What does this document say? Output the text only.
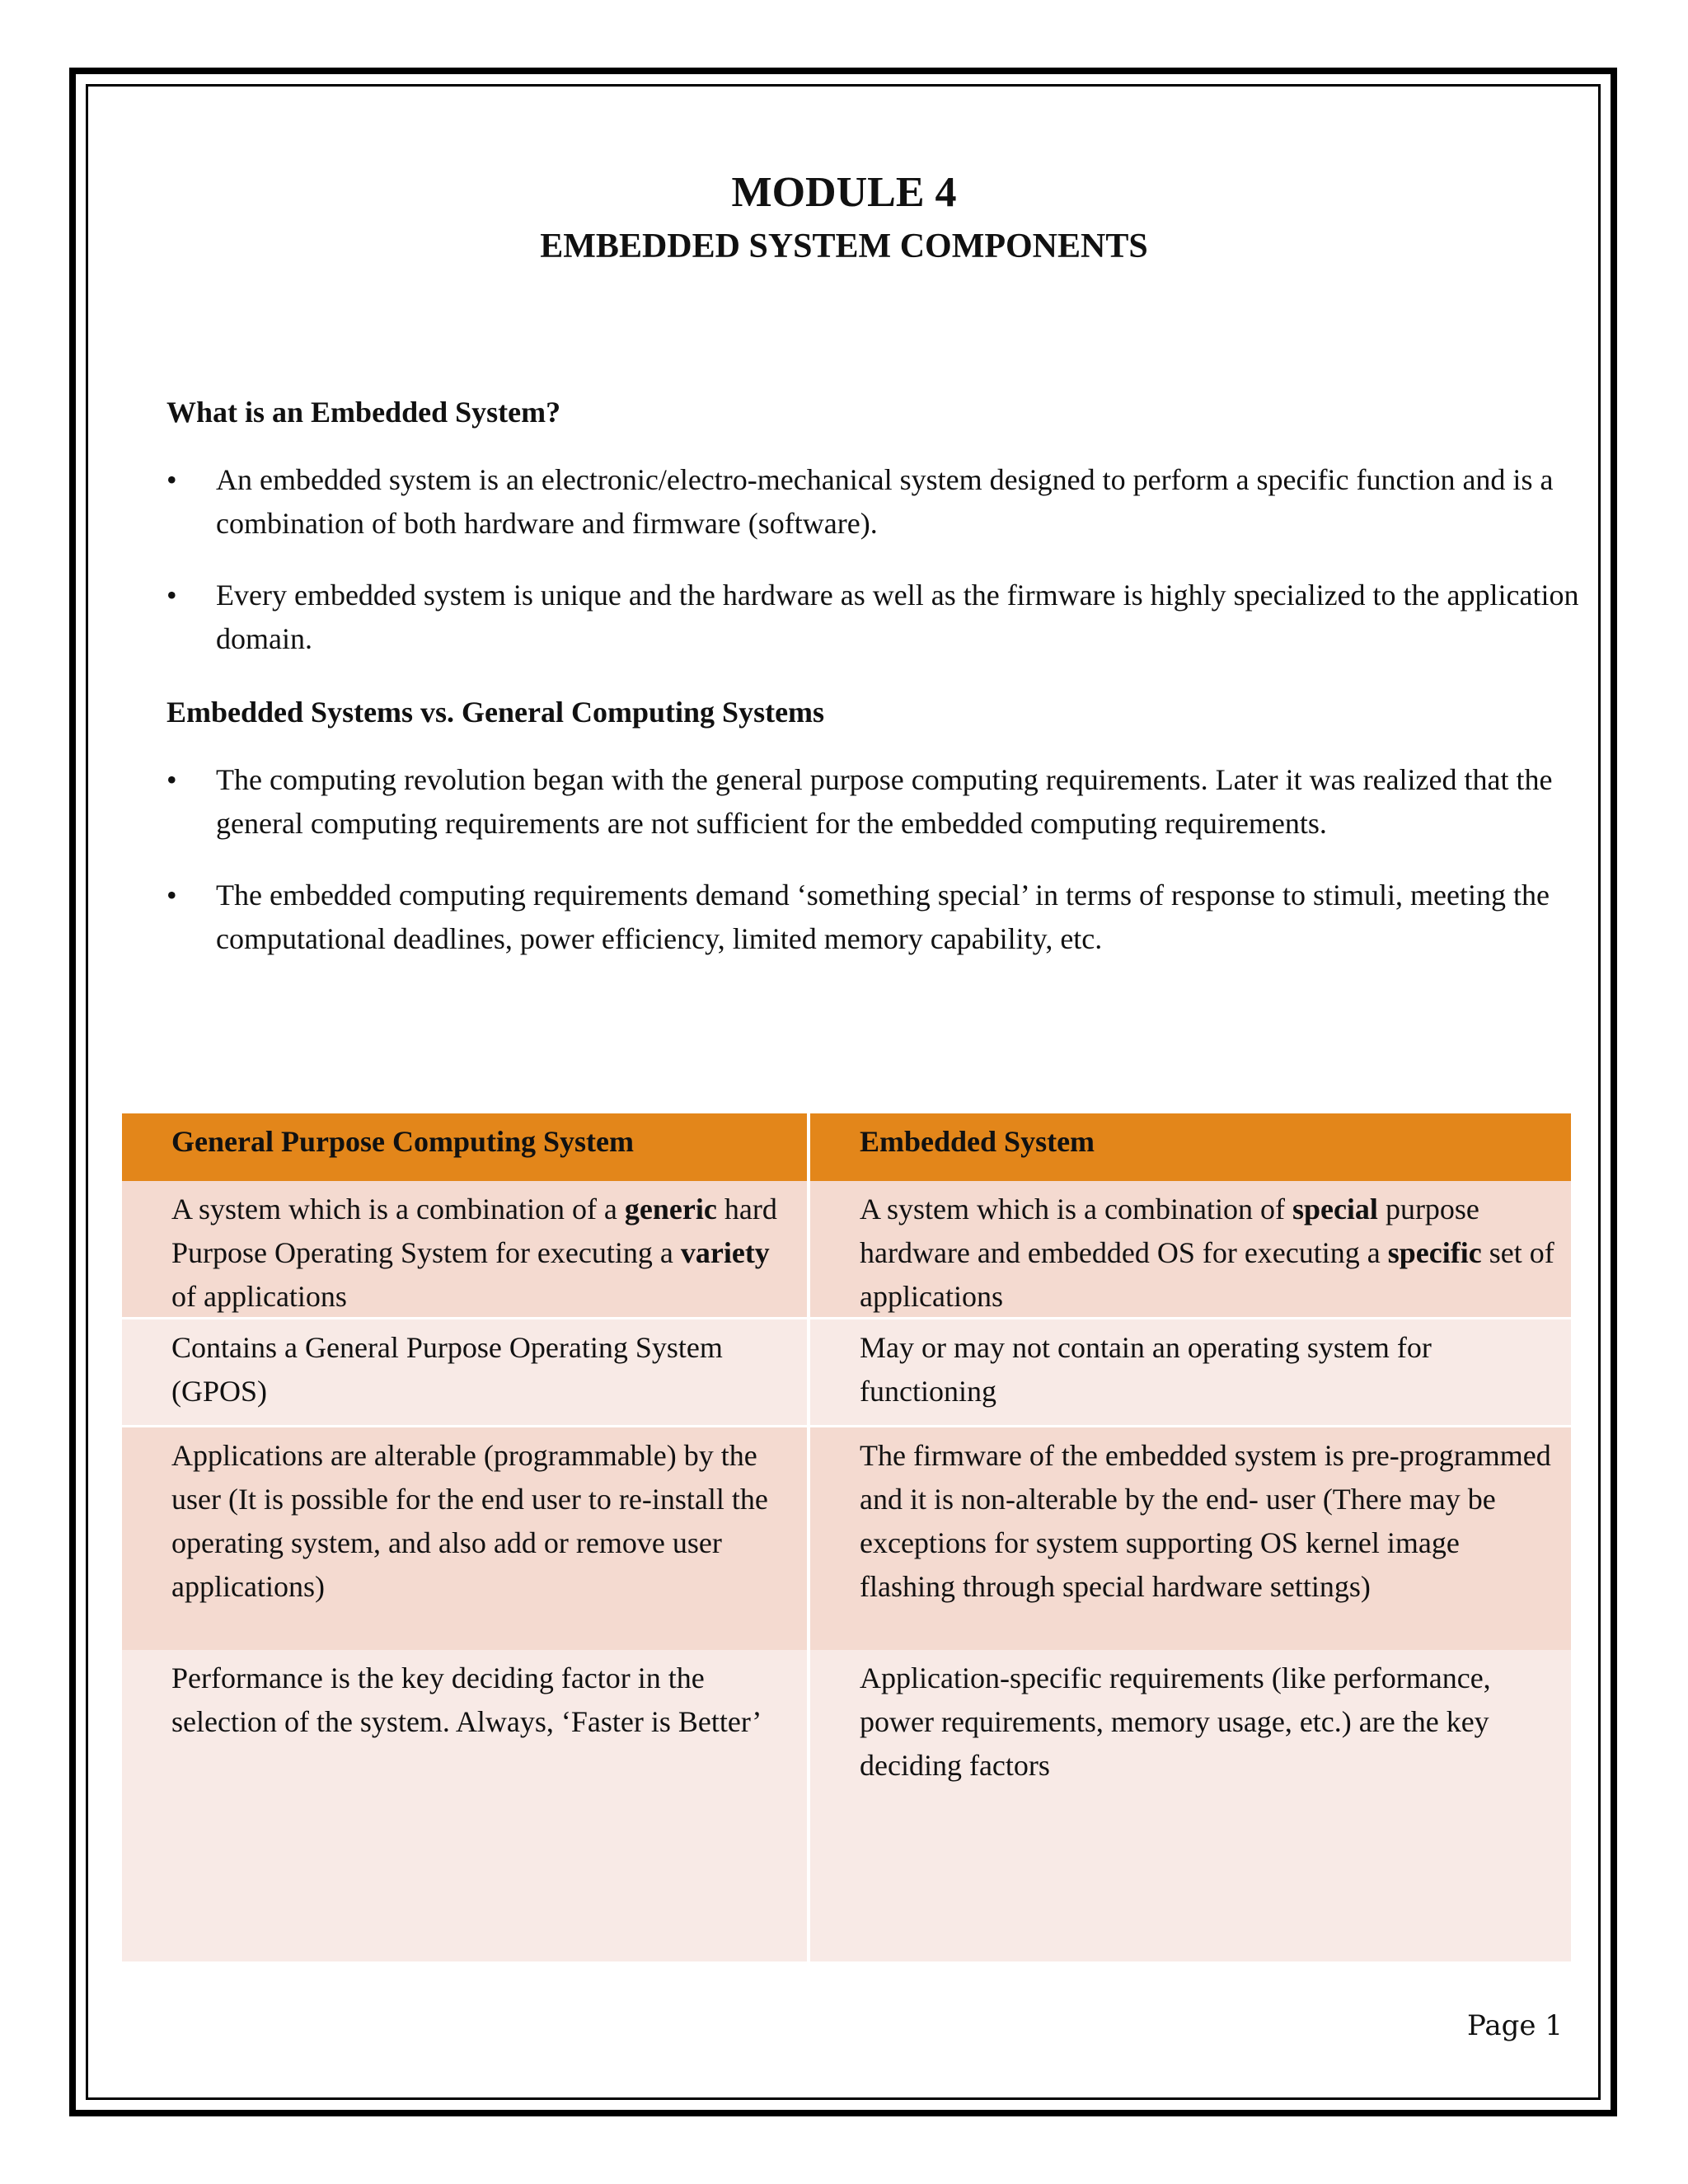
MODULE 4
EMBEDDED SYSTEM COMPONENTS
What is an Embedded System?
• An embedded system is an electronic/electro-mechanical system designed to perform a specific function and is a combination of both hardware and firmware (software).
• Every embedded system is unique and the hardware as well as the firmware is highly specialized to the application domain.
Embedded Systems vs. General Computing Systems
• The computing revolution began with the general purpose computing requirements. Later it was realized that the general computing requirements are not sufficient for the embedded computing requirements.
• The embedded computing requirements demand ‘something special’ in terms of response to stimuli, meeting the computational deadlines, power efficiency, limited memory capability, etc.
General Purpose Computing System	Embedded System
A system which is a combination of a generic hard Purpose Operating System for executing a variety of applications
A system which is a combination of special purpose hardware and embedded OS for executing a specific set of applications
Contains a General Purpose Operating System (GPOS)
May or may not contain an operating system for functioning
Applications are alterable (programmable) by the user (It is possible for the end user to re-install the operating system, and also add or remove user applications)
The firmware of the embedded system is pre-programmed and it is non-alterable by the end- user (There may be exceptions for system supporting OS kernel image flashing through special hardware settings)
Performance is the key deciding factor in the selection of the system. Always, ‘Faster is Better’
Application-specific requirements (like performance, power requirements, memory usage, etc.) are the key deciding factors
Page 1
